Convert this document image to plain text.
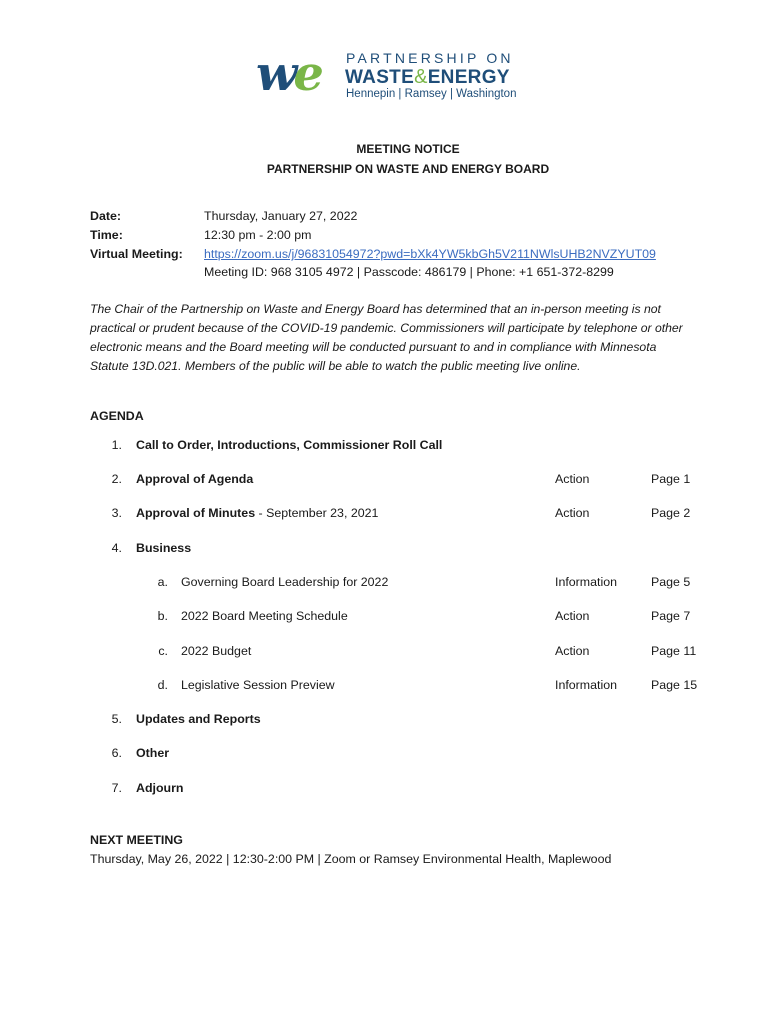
we PARTNERSHIP ON
WASTE&ENERGY
Hennepin | Ramsey | Washington
MEETING NOTICE
PARTNERSHIP ON WASTE AND ENERGY BOARD
Date:	Thursday, January 27, 2022
Time:	12:30 pm - 2:00 pm
Virtual Meeting: https://zoom.us/j/96831054972?pwd=bXk4YW5kbGh5V211NWlsUHB2NVZYUT09
Meeting ID: 968 3105 4972 | Passcode: 486179 | Phone: +1 651-372-8299
The Chair of the Partnership on Waste and Energy Board has determined that an in-person meeting is not practical or prudent because of the COVID-19 pandemic. Commissioners will participate by telephone or other electronic means and the Board meeting will be conducted pursuant to and in compliance with Minnesota Statute 13D.021. Members of the public will be able to watch the public meeting live online.
AGENDA
1. Call to Order, Introductions, Commissioner Roll Call
2. Approval of Agenda	Action	Page 1
3. Approval of Minutes - September 23, 2021	Action	Page 2
4. Business
a. Governing Board Leadership for 2022	Information	Page 5
b. 2022 Board Meeting Schedule	Action	Page 7
c. 2022 Budget	Action	Page 11
d. Legislative Session Preview	Information	Page 15
5. Updates and Reports
6. Other
7. Adjourn
NEXT MEETING
Thursday, May 26, 2022 | 12:30-2:00 PM | Zoom or Ramsey Environmental Health, Maplewood
